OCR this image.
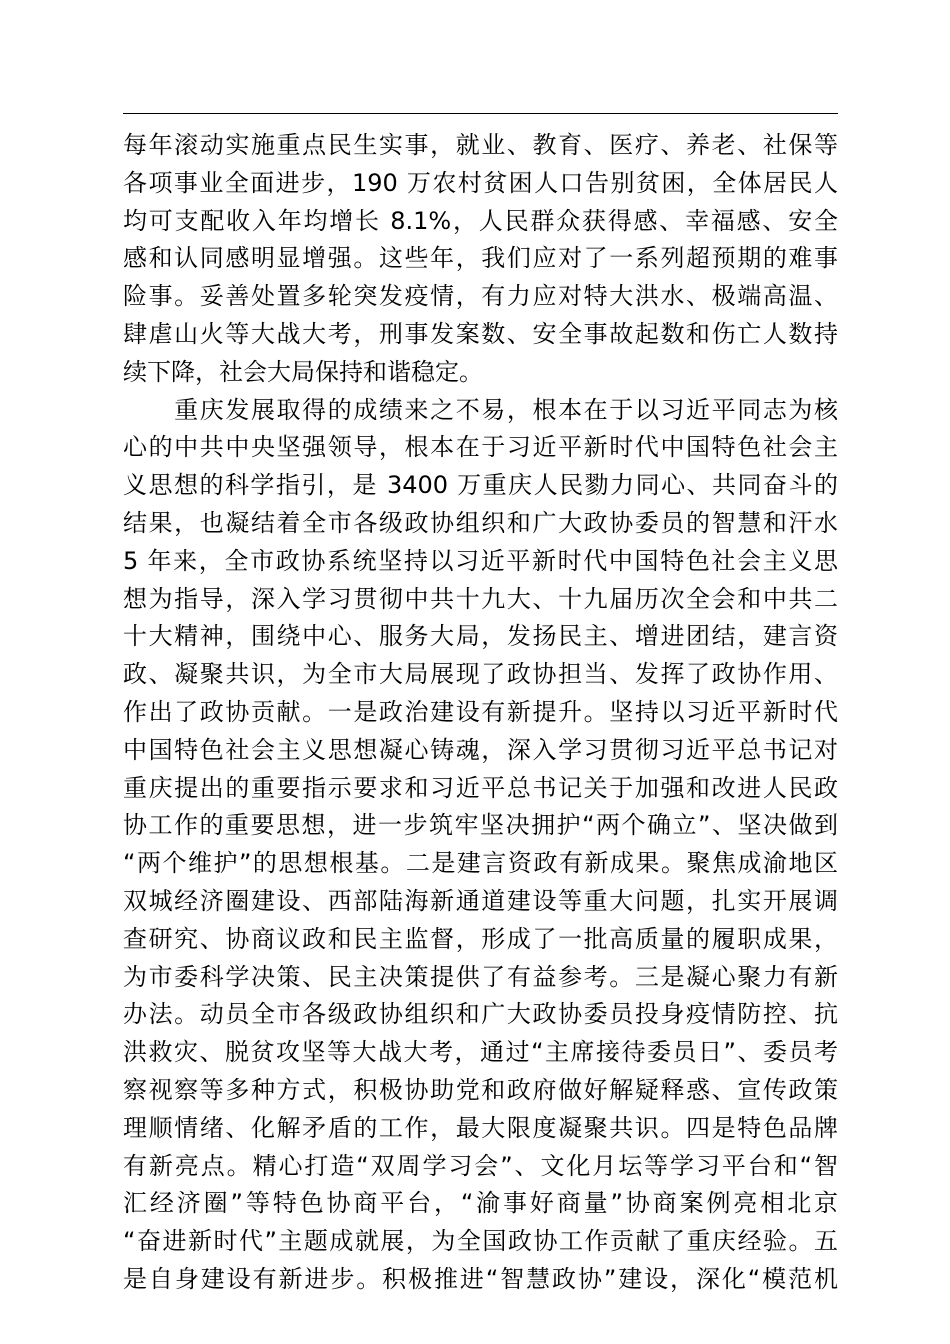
每年滚动实施重点民生实事，就业、教育、医疗、养老、社保等
各项事业全面进步，190 万农村贫困人口告别贫困，全体居民人
均可支配收入年均增长 8.1%，人民群众获得感、幸福感、安全
感和认同感明显增强。这些年，我们应对了一系列超预期的难事
险事。妥善处置多轮突发疫情，有力应对特大洪水、极端高温、
肆虐山火等大战大考，刑事发案数、安全事故起数和伤亡人数持
续下降，社会大局保持和谐稳定。
　　重庆发展取得的成绩来之不易，根本在于以习近平同志为核
心的中共中央坚强领导，根本在于习近平新时代中国特色社会主
义思想的科学指引，是 3400 万重庆人民勠力同心、共同奋斗的
结果，也凝结着全市各级政协组织和广大政协委员的智慧和汗水
5 年来，全市政协系统坚持以习近平新时代中国特色社会主义思
想为指导，深入学习贯彻中共十九大、十九届历次全会和中共二
十大精神，围绕中心、服务大局，发扬民主、增进团结，建言资
政、凝聚共识，为全市大局展现了政协担当、发挥了政协作用、
作出了政协贡献。一是政治建设有新提升。坚持以习近平新时代
中国特色社会主义思想凝心铸魂，深入学习贯彻习近平总书记对
重庆提出的重要指示要求和习近平总书记关于加强和改进人民政
协工作的重要思想，进一步筑牢坚决拥护“两个确立”、坚决做到
“两个维护”的思想根基。二是建言资政有新成果。聚焦成渝地区
双城经济圈建设、西部陆海新通道建设等重大问题，扎实开展调
查研究、协商议政和民主监督，形成了一批高质量的履职成果，
为市委科学决策、民主决策提供了有益参考。三是凝心聚力有新
办法。动员全市各级政协组织和广大政协委员投身疫情防控、抗
洪救灾、脱贫攻坚等大战大考，通过“主席接待委员日”、委员考
察视察等多种方式，积极协助党和政府做好解疑释惑、宣传政策
理顺情绪、化解矛盾的工作，最大限度凝聚共识。四是特色品牌
有新亮点。精心打造“双周学习会”、文化月坛等学习平台和“智
汇经济圈”等特色协商平台，“渝事好商量”协商案例亮相北京
“奋进新时代”主题成就展，为全国政协工作贡献了重庆经验。五
是自身建设有新进步。积极推进“智慧政协”建设，深化“模范机
